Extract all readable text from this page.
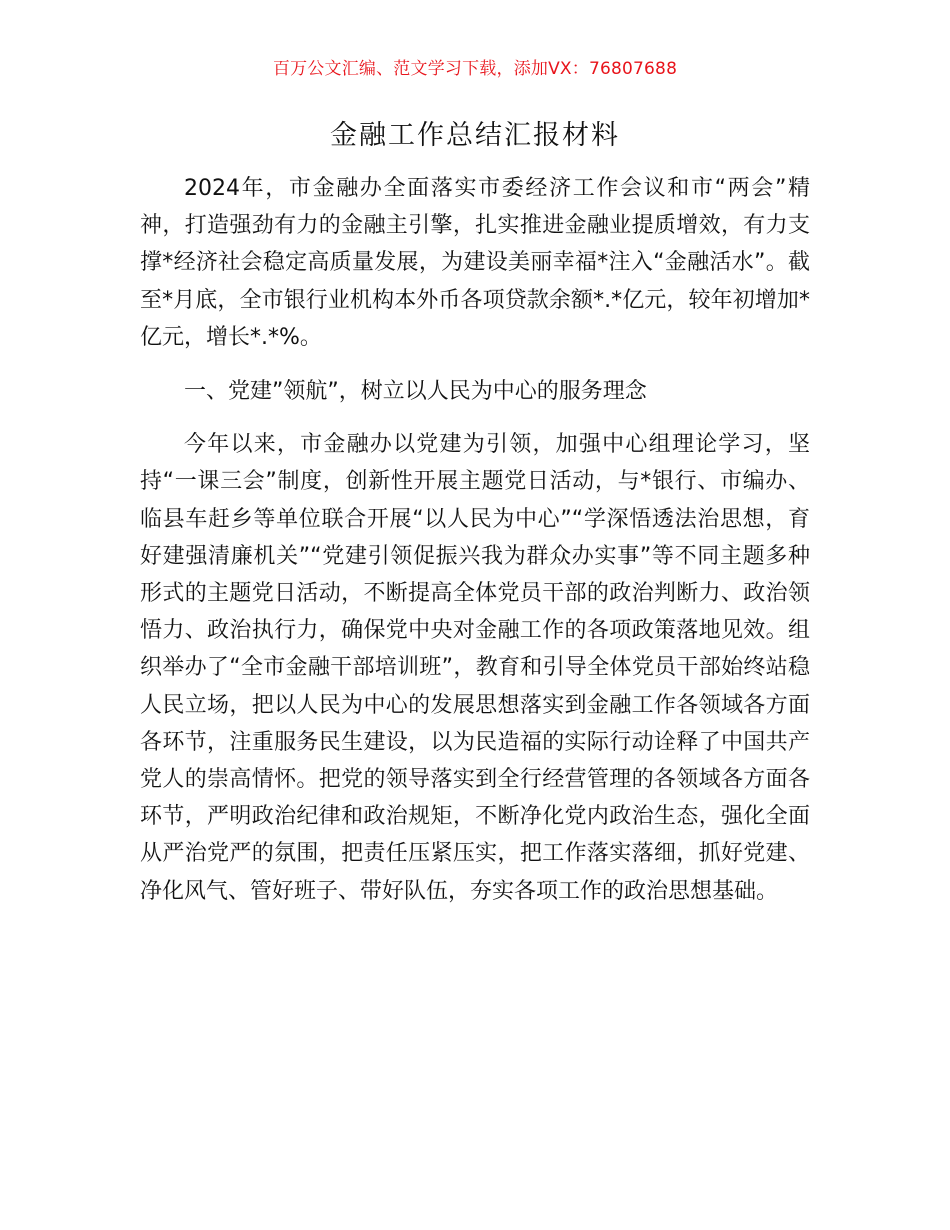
百万公文汇编、范文学习下载，添加VX：76807688
金融工作总结汇报材料

2024年，市金融办全面落实市委经济工作会议和市“两会”精神，打造强劲有力的金融主引擎，扎实推进金融业提质增效，有力支撑*经济社会稳定高质量发展，为建设美丽幸福*注入“金融活水”。截至*月底，全市银行业机构本外币各项贷款余额*.*亿元，较年初增加*亿元，增长*.*%。

一、党建”领航”，树立以人民为中心的服务理念

今年以来，市金融办以党建为引领，加强中心组理论学习，坚持“一课三会”制度，创新性开展主题党日活动，与*银行、市编办、临县车赶乡等单位联合开展“以人民为中心”“学深悟透法治思想，育好建强清廉机关”“党建引领促振兴我为群众办实事”等不同主题多种形式的主题党日活动，不断提高全体党员干部的政治判断力、政治领悟力、政治执行力，确保党中央对金融工作的各项政策落地见效。组织举办了“全市金融干部培训班”，教育和引导全体党员干部始终站稳人民立场，把以人民为中心的发展思想落实到金融工作各领域各方面各环节，注重服务民生建设，以为民造福的实际行动诠释了中国共产党人的崇高情怀。把党的领导落实到全行经营管理的各领域各方面各环节，严明政治纪律和政治规矩，不断净化党内政治生态，强化全面从严治党严的氛围，把责任压紧压实，把工作落实落细，抓好党建、净化风气、管好班子、带好队伍，夯实各项工作的政治思想基础。
